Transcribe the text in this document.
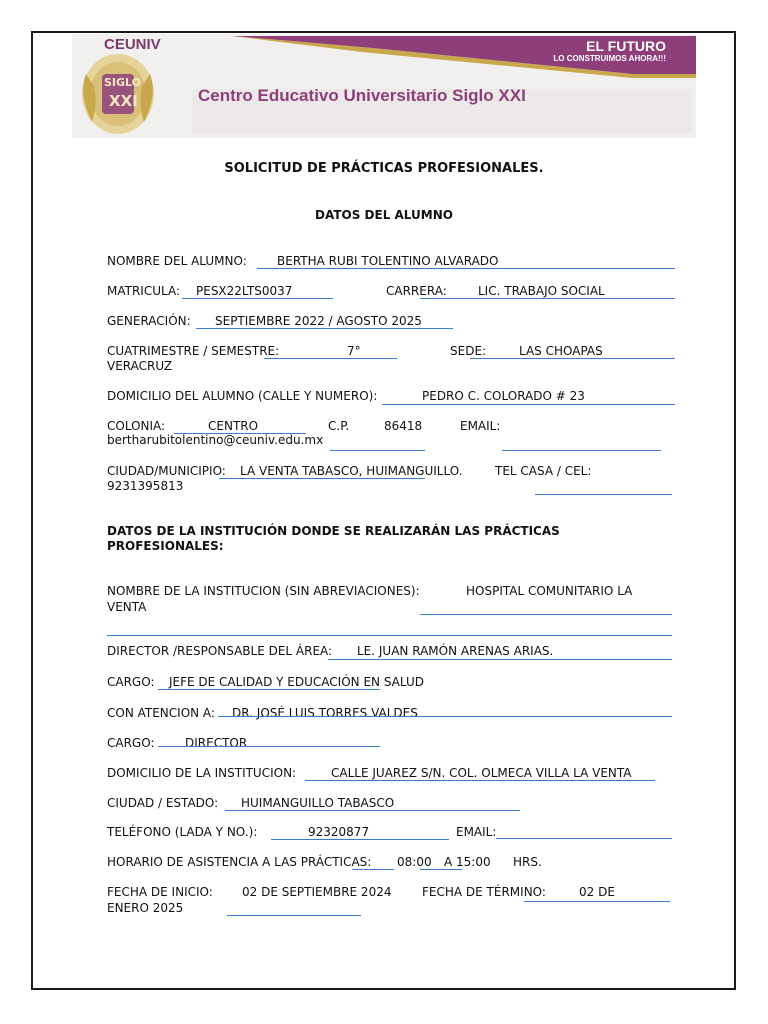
CEUNIV
SIGLO
XXI	Centro Educativo Universitario Siglo XXI
EL FUTURO
LO CONSTRUIMOS AHORA!!!
SOLICITUD DE PRÁCTICAS PROFESIONALES.
DATOS DEL ALUMNO
NOMBRE DEL ALUMNO:	BERTHA RUBI TOLENTINO ALVARADO
MATRICULA: PESX22LTS0037	CARRERA:	LIC. TRABAJO SOCIAL
GENERACIÓN: SEPTIEMBRE 2022 / AGOSTO 2025
CUATRIMESTRE / SEMESTRE:	7°	SEDE:	LAS CHOAPAS
VERACRUZ
DOMICILIO DEL ALUMNO (CALLE Y NUMERO):	PEDRO C. COLORADO # 23
COLONIA:	CENTRO	C.P.	86418	EMAIL:
bertharubitolentino@ceuniv.edu.mx
CIUDAD/MUNICIPIO: LA VENTA TABASCO, HUIMANGUILLO.	TEL CASA / CEL:
9231395813
DATOS DE LA INSTITUCIÓN DONDE SE REALIZARÁN LAS PRÁCTICAS
PROFESIONALES:
NOMBRE DE LA INSTITUCION (SIN ABREVIACIONES):	HOSPITAL COMUNITARIO LA
VENTA
DIRECTOR /RESPONSABLE DEL ÁREA: LE. JUAN RAMÓN ARENAS ARIAS.
CARGO: JEFE DE CALIDAD Y EDUCACIÓN EN SALUD
CON ATENCION A: DR. JOSÉ LUIS TORRES VALDES
CARGO:	DIRECTOR
DOMICILIO DE LA INSTITUCION:	CALLE JUAREZ S/N. COL. OLMECA VILLA LA VENTA
CIUDAD / ESTADO: HUIMANGUILLO TABASCO
TELÉFONO (LADA Y NO.):	92320877	EMAIL:
HORARIO DE ASISTENCIA A LAS PRÁCTICAS: 08:00 A 15:00 HRS.
FECHA DE INICIO: 02 DE SEPTIEMBRE 2024	FECHA DE TÉRMINO:	02 DE
ENERO 2025
